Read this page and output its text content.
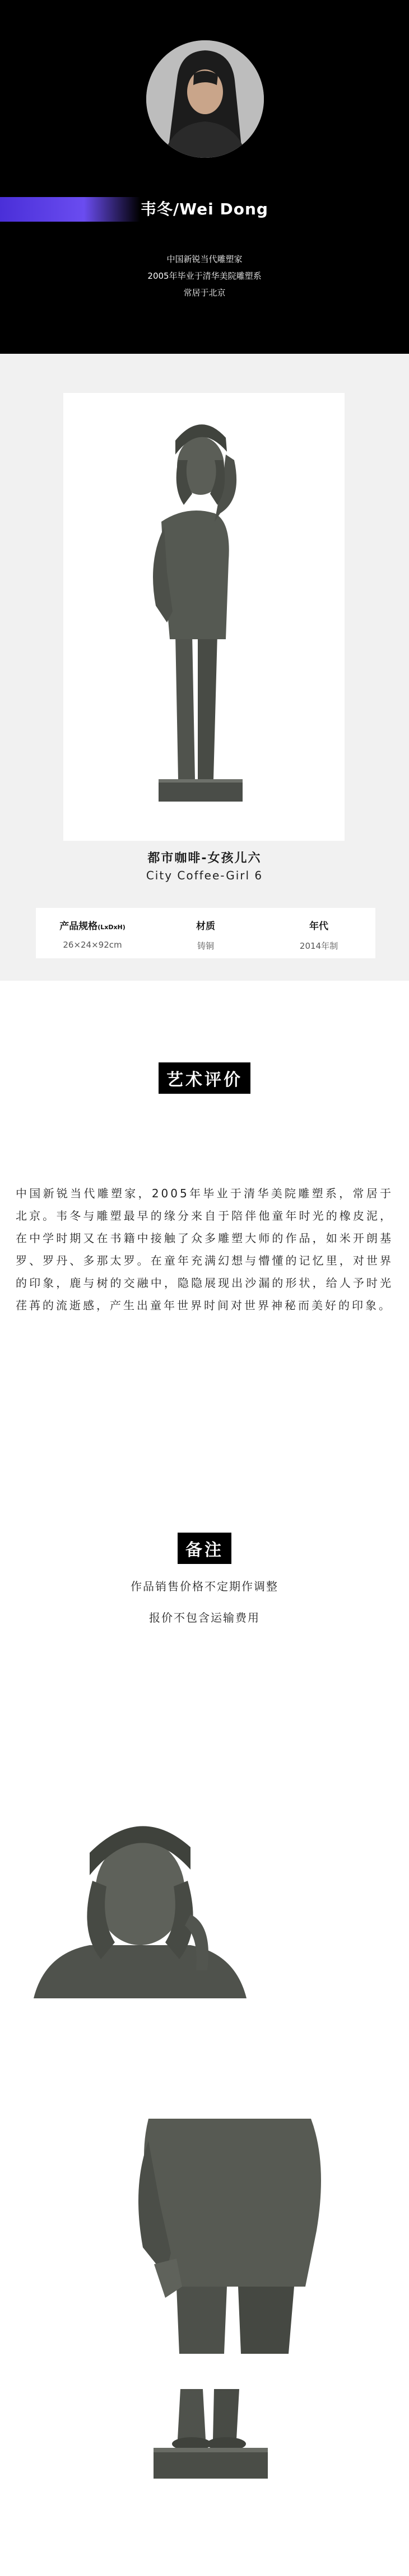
韦冬/Wei Dong
中国新锐当代雕塑家
2005年毕业于清华美院雕塑系
常居于北京
都市咖啡-女孩儿六
City Coffee-Girl 6
产品规格(LxDxH)
26×24×92cm
材质
铸铜
年代
2014年制
艺术评价
中国新锐当代雕塑家，2005年毕业于清华美院雕塑系，常居于北京。韦冬与雕塑最早的缘分来自于陪伴他童年时光的橡皮泥，在中学时期又在书籍中接触了众多雕塑大师的作品，如米开朗基罗、罗丹、多那太罗。在童年充满幻想与懵懂的记忆里，对世界的印象，鹿与树的交融中，隐隐展现出沙漏的形状，给人予时光荏苒的流逝感，产生出童年世界时间对世界神秘而美好的印象。
备注
作品销售价格不定期作调整
报价不包含运输费用
